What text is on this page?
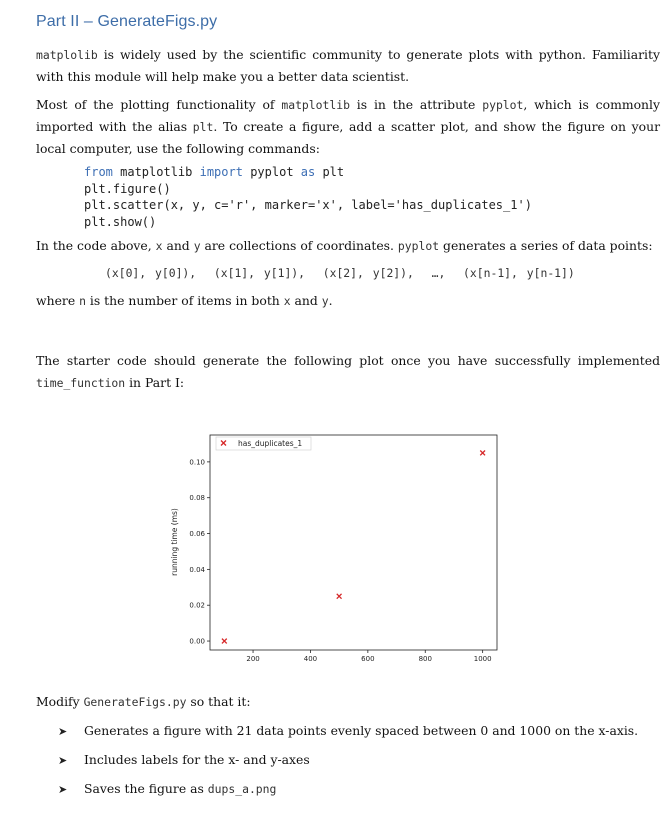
Part II – GenerateFigs.py

matplolib is widely used by the scientific community to generate plots with python. Familiarity with this module will help make you a better data scientist.

Most of the plotting functionality of matplotlib is in the attribute pyplot, which is commonly imported with the alias plt. To create a figure, add a scatter plot, and show the figure on your local computer, use the following commands:

from matplotlib import pyplot as plt
plt.figure()
plt.scatter(x, y, c='r', marker='x', label='has_duplicates_1')
plt.show()
In the code above, x and y are collections of coordinates. pyplot generates a series of data points:
(x[0], y[0]),  (x[1], y[1]),  (x[2], y[2]),  …,  (x[n-1], y[n-1])
where n is the number of items in both x and y.

The starter code should generate the following plot once you have successfully implemented time_function in Part I:

0.00
0.02
0.04
0.06
0.08
0.10
200	400	600	800	1000
running time (ms)
has_duplicates_1
Modify GenerateFigs.py so that it:
➤ Generates a figure with 21 data points evenly spaced between 0 and 1000 on the x-axis.
➤ Includes labels for the x- and y-axes
➤ Saves the figure as dups_a.png
